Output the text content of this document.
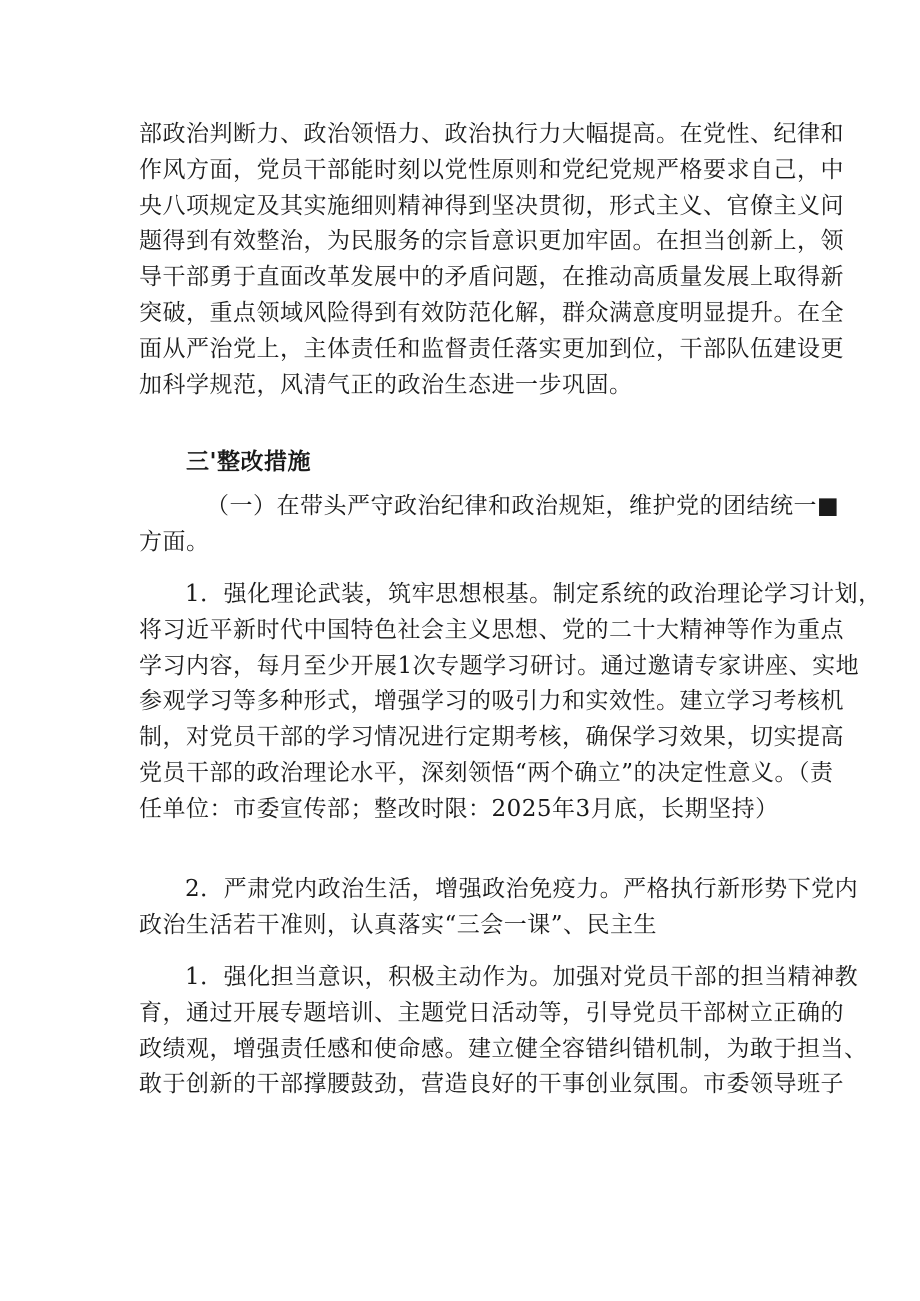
部政治判断力、政治领悟力、政治执行力大幅提高。在党性、纪律和
作风方面，党员干部能时刻以党性原则和党纪党规严格要求自己，中
央八项规定及其实施细则精神得到坚决贯彻，形式主义、官僚主义问
题得到有效整治，为民服务的宗旨意识更加牢固。在担当创新上，领
导干部勇于直面改革发展中的矛盾问题，在推动高质量发展上取得新
突破，重点领域风险得到有效防范化解，群众满意度明显提升。在全
面从严治党上，主体责任和监督责任落实更加到位，干部队伍建设更
加科学规范，风清气正的政治生态进一步巩固。
三'整改措施
（一）在带头严守政治纪律和政治规矩，维护党的团结统一■
方面。
1．强化理论武装，筑牢思想根基。制定系统的政治理论学习计划，
将习近平新时代中国特色社会主义思想、党的二十大精神等作为重点
学习内容，每月至少开展1次专题学习研讨。通过邀请专家讲座、实地
参观学习等多种形式，增强学习的吸引力和实效性。建立学习考核机
制，对党员干部的学习情况进行定期考核，确保学习效果，切实提高
党员干部的政治理论水平，深刻领悟“两个确立”的决定性意义。（责
任单位：市委宣传部；整改时限：2025年3月底，长期坚持）
2．严肃党内政治生活，增强政治免疫力。严格执行新形势下党内
政治生活若干准则，认真落实“三会一课”、民主生
1．强化担当意识，积极主动作为。加强对党员干部的担当精神教
育，通过开展专题培训、主题党日活动等，引导党员干部树立正确的
政绩观，增强责任感和使命感。建立健全容错纠错机制，为敢于担当、
敢于创新的干部撑腰鼓劲，营造良好的干事创业氛围。市委领导班子
